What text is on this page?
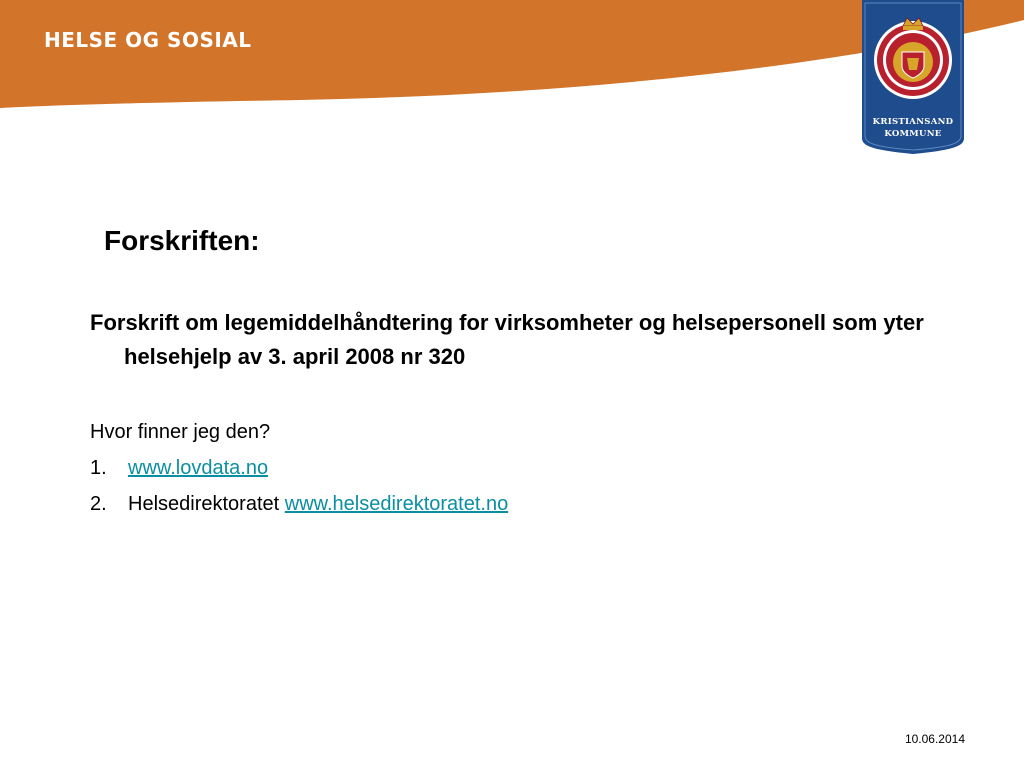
HELSE OG SOSIAL
KRISTIANSAND
KOMMUNE
Forskriften:

Forskrift om legemiddelhåndtering for virksomheter og helsepersonell som yter helsehjelp av 3. april 2008 nr 320

Hvor finner jeg den?

1.	www.lovdata.no
2.	Helsedirektoratet www.helsedirektoratet.no
10.06.2014
